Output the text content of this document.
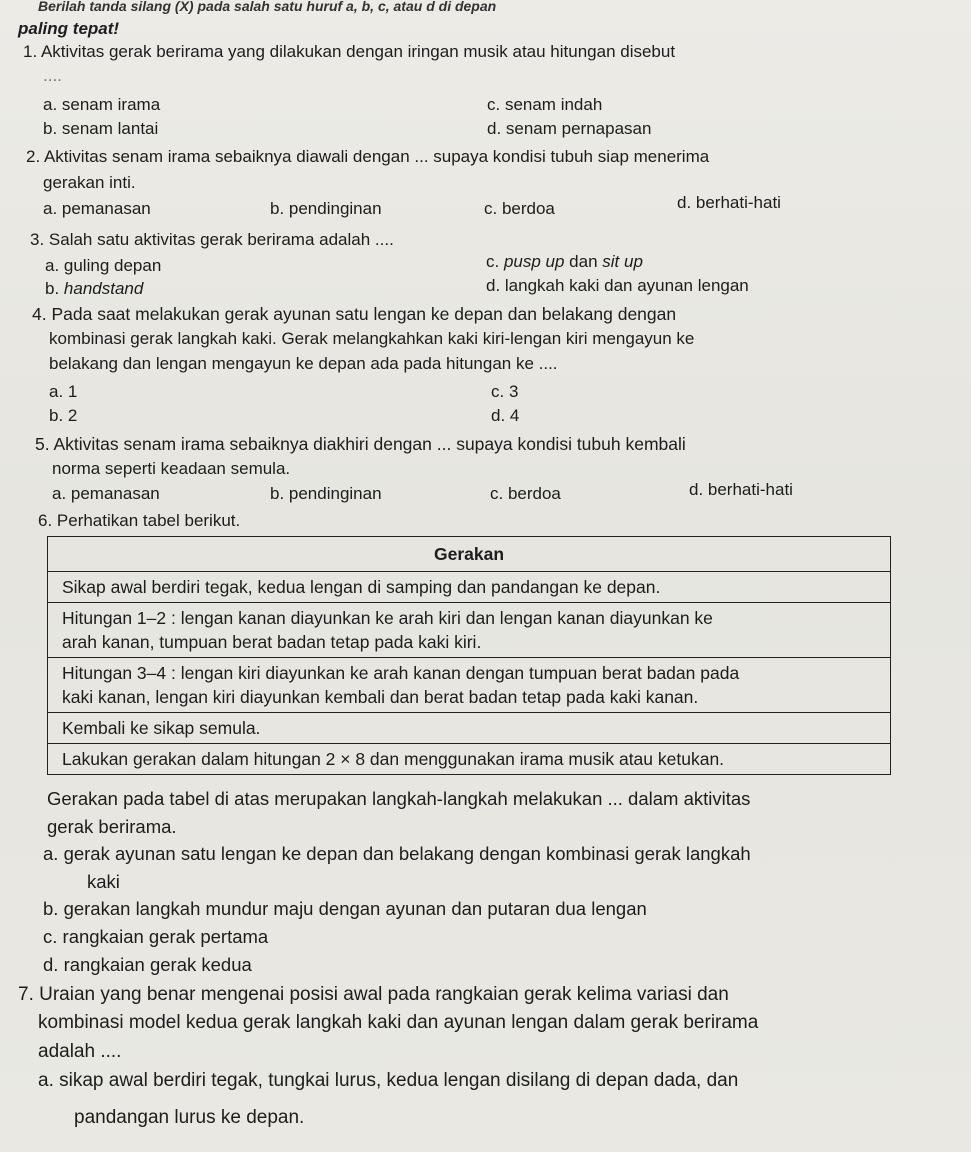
Berilah tanda silang (X) pada salah satu huruf a, b, c, atau d di depan
paling tepat!
1. Aktivitas gerak berirama yang dilakukan dengan iringan musik atau hitungan disebut
....
a. senam irama
b. senam lantai
c. senam indah
d. senam pernapasan
2. Aktivitas senam irama sebaiknya diawali dengan ... supaya kondisi tubuh siap menerima
gerakan inti.
a. pemanasan	b. pendinginan	c. berdoa	d. berhati-hati
3. Salah satu aktivitas gerak berirama adalah ....
a. guling depan
b. handstand
c. pusp up dan sit up
d. langkah kaki dan ayunan lengan
4. Pada saat melakukan gerak ayunan satu lengan ke depan dan belakang dengan
kombinasi gerak langkah kaki. Gerak melangkahkan kaki kiri-lengan kiri mengayun ke
belakang dan lengan mengayun ke depan ada pada hitungan ke ....
a. 1
b. 2
c. 3
d. 4
5. Aktivitas senam irama sebaiknya diakhiri dengan ... supaya kondisi tubuh kembali
norma seperti keadaan semula.
a. pemanasan	b. pendinginan	c. berdoa	d. berhati-hati
6. Perhatikan tabel berikut.
Gerakan
Sikap awal berdiri tegak, kedua lengan di samping dan pandangan ke depan.

Hitungan 1–2 : lengan kanan diayunkan ke arah kiri dan lengan kanan diayunkan ke
arah kanan, tumpuan berat badan tetap pada kaki kiri.

Hitungan 3–4 : lengan kiri diayunkan ke arah kanan dengan tumpuan berat badan pada
kaki kanan, lengan kiri diayunkan kembali dan berat badan tetap pada kaki kanan.

Kembali ke sikap semula.
Lakukan gerakan dalam hitungan 2 × 8 dan menggunakan irama musik atau ketukan.
Gerakan pada tabel di atas merupakan langkah-langkah melakukan ... dalam aktivitas
gerak berirama.
a. gerak ayunan satu lengan ke depan dan belakang dengan kombinasi gerak langkah
kaki
b. gerakan langkah mundur maju dengan ayunan dan putaran dua lengan
c. rangkaian gerak pertama
d. rangkaian gerak kedua
7. Uraian yang benar mengenai posisi awal pada rangkaian gerak kelima variasi dan
kombinasi model kedua gerak langkah kaki dan ayunan lengan dalam gerak berirama
adalah ....
a. sikap awal berdiri tegak, tungkai lurus, kedua lengan disilang di depan dada, dan
pandangan lurus ke depan.
